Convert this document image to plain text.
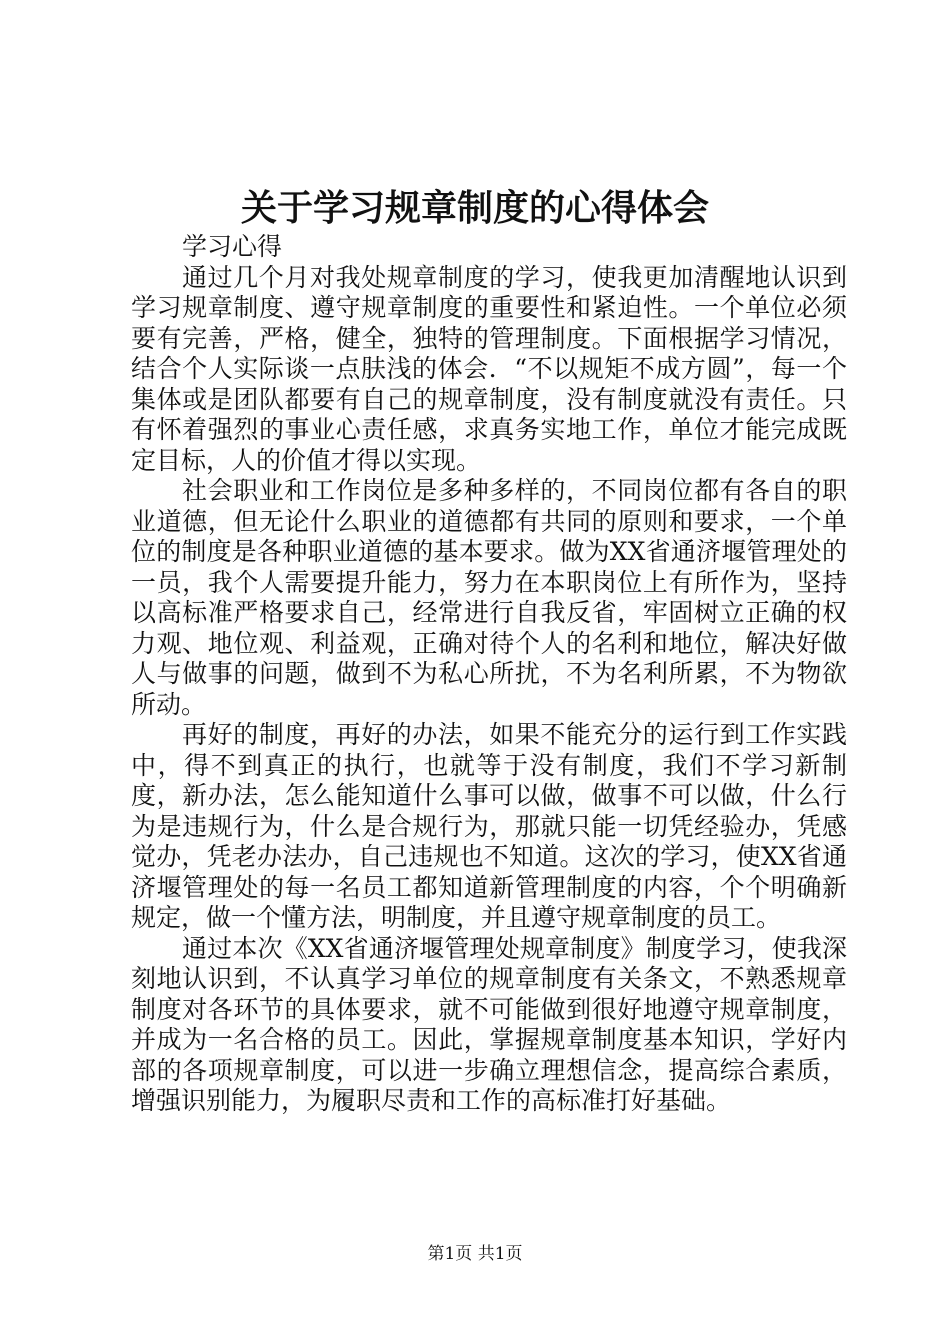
关于学习规章制度的心得体会

学习心得

通过几个月对我处规章制度的学习，使我更加清醒地认识到学习规章制度、遵守规章制度的重要性和紧迫性。一个单位必须要有完善，严格，健全，独特的管理制度。下面根据学习情况，结合个人实际谈一点肤浅的体会．“不以规矩不成方圆”，每一个集体或是团队都要有自己的规章制度，没有制度就没有责任。只有怀着强烈的事业心责任感，求真务实地工作，单位才能完成既定目标，人的价值才得以实现。

社会职业和工作岗位是多种多样的，不同岗位都有各自的职业道德，但无论什么职业的道德都有共同的原则和要求，一个单位的制度是各种职业道德的基本要求。做为XX省通济堰管理处的一员，我个人需要提升能力，努力在本职岗位上有所作为，坚持以高标准严格要求自己，经常进行自我反省，牢固树立正确的权力观、地位观、利益观，正确对待个人的名利和地位，解决好做人与做事的问题，做到不为私心所扰，不为名利所累，不为物欲所动。

再好的制度，再好的办法，如果不能充分的运行到工作实践中，得不到真正的执行，也就等于没有制度，我们不学习新制度，新办法，怎么能知道什么事可以做，做事不可以做，什么行为是违规行为，什么是合规行为，那就只能一切凭经验办，凭感觉办，凭老办法办，自己违规也不知道。这次的学习，使XX省通济堰管理处的每一名员工都知道新管理制度的内容，个个明确新规定，做一个懂方法，明制度，并且遵守规章制度的员工。

通过本次《XX省通济堰管理处规章制度》制度学习，使我深刻地认识到，不认真学习单位的规章制度有关条文，不熟悉规章制度对各环节的具体要求，就不可能做到很好地遵守规章制度，并成为一名合格的员工。因此，掌握规章制度基本知识，学好内部的各项规章制度，可以进一步确立理想信念，提高综合素质，增强识别能力，为履职尽责和工作的高标准打好基础。

第1页 共1页
